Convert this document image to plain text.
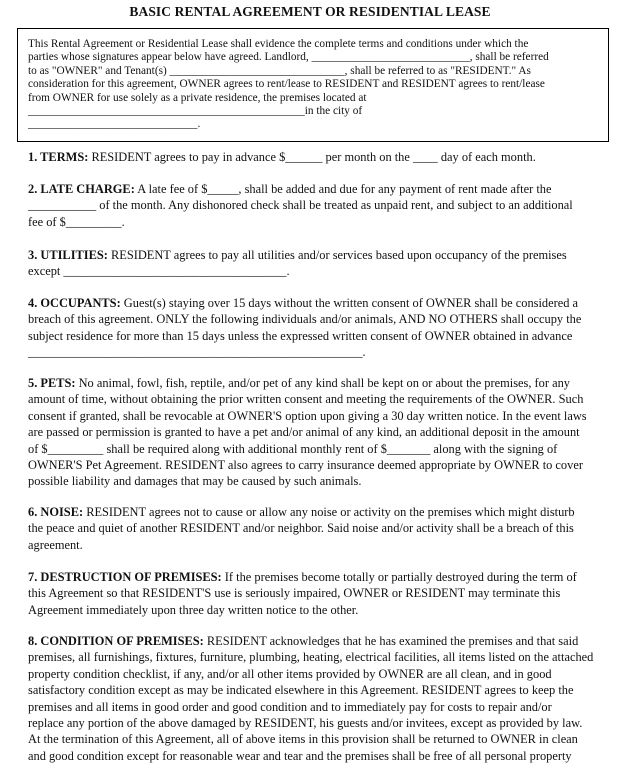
BASIC RENTAL AGREEMENT OR RESIDENTIAL LEASE
This Rental Agreement or Residential Lease shall evidence the complete terms and conditions under which the
parties whose signatures appear below have agreed. Landlord, ____________________________, shall be referred
to as "OWNER" and Tenant(s) _______________________________, shall be referred to as "RESIDENT." As
consideration for this agreement, OWNER agrees to rent/lease to RESIDENT and RESIDENT agrees to rent/lease
from OWNER for use solely as a private residence, the premises located at
_________________________________________________in the city of
______________________________.
1. TERMS: RESIDENT agrees to pay in advance $______ per month on the ____ day of each month.
2. LATE CHARGE: A late fee of $_____, shall be added and due for any payment of rent made after the
___________ of the month. Any dishonored check shall be treated as unpaid rent, and subject to an additional
fee of $_________.
3. UTILITIES: RESIDENT agrees to pay all utilities and/or services based upon occupancy of the premises
except ____________________________________.
4. OCCUPANTS: Guest(s) staying over 15 days without the written consent of OWNER shall be considered a
breach of this agreement. ONLY the following individuals and/or animals, AND NO OTHERS shall occupy the
subject residence for more than 15 days unless the expressed written consent of OWNER obtained in advance
______________________________________________________.
5. PETS: No animal, fowl, fish, reptile, and/or pet of any kind shall be kept on or about the premises, for any
amount of time, without obtaining the prior written consent and meeting the requirements of the OWNER. Such
consent if granted, shall be revocable at OWNER'S option upon giving a 30 day written notice. In the event laws
are passed or permission is granted to have a pet and/or animal of any kind, an additional deposit in the amount
of $_________ shall be required along with additional monthly rent of $_______ along with the signing of
OWNER'S Pet Agreement. RESIDENT also agrees to carry insurance deemed appropriate by OWNER to cover
possible liability and damages that may be caused by such animals.
6. NOISE: RESIDENT agrees not to cause or allow any noise or activity on the premises which might disturb
the peace and quiet of another RESIDENT and/or neighbor. Said noise and/or activity shall be a breach of this
agreement.
7. DESTRUCTION OF PREMISES: If the premises become totally or partially destroyed during the term of
this Agreement so that RESIDENT'S use is seriously impaired, OWNER or RESIDENT may terminate this
Agreement immediately upon three day written notice to the other.
8. CONDITION OF PREMISES: RESIDENT acknowledges that he has examined the premises and that said
premises, all furnishings, fixtures, furniture, plumbing, heating, electrical facilities, all items listed on the attached
property condition checklist, if any, and/or all other items provided by OWNER are all clean, and in good
satisfactory condition except as may be indicated elsewhere in this Agreement. RESIDENT agrees to keep the
premises and all items in good order and good condition and to immediately pay for costs to repair and/or
replace any portion of the above damaged by RESIDENT, his guests and/or invitees, except as provided by law.
At the termination of this Agreement, all of above items in this provision shall be returned to OWNER in clean
and good condition except for reasonable wear and tear and the premises shall be free of all personal property
